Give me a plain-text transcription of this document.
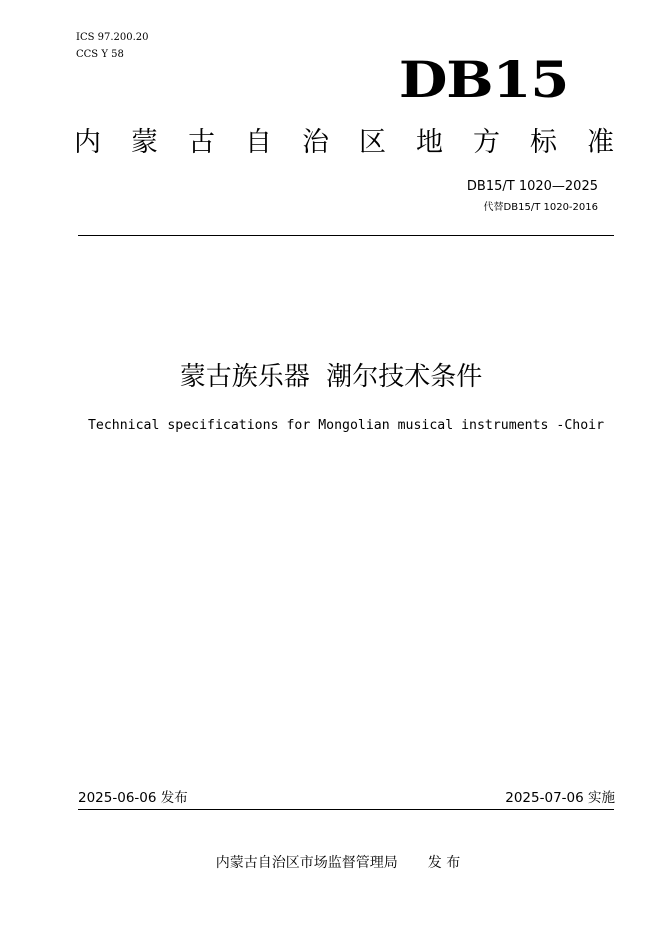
ICS 97.200.20
CCS Y 58	DB15
内 蒙 古 自 治 区 地 方 标 准
DB15/T 1020—2025
代替DB15/T 1020-2016
蒙古族乐器  潮尔技术条件
Technical specifications for Mongolian musical instruments -Choir
2025-06-06 发布	2025-07-06 实施
内蒙古自治区市场监督管理局 发 布
